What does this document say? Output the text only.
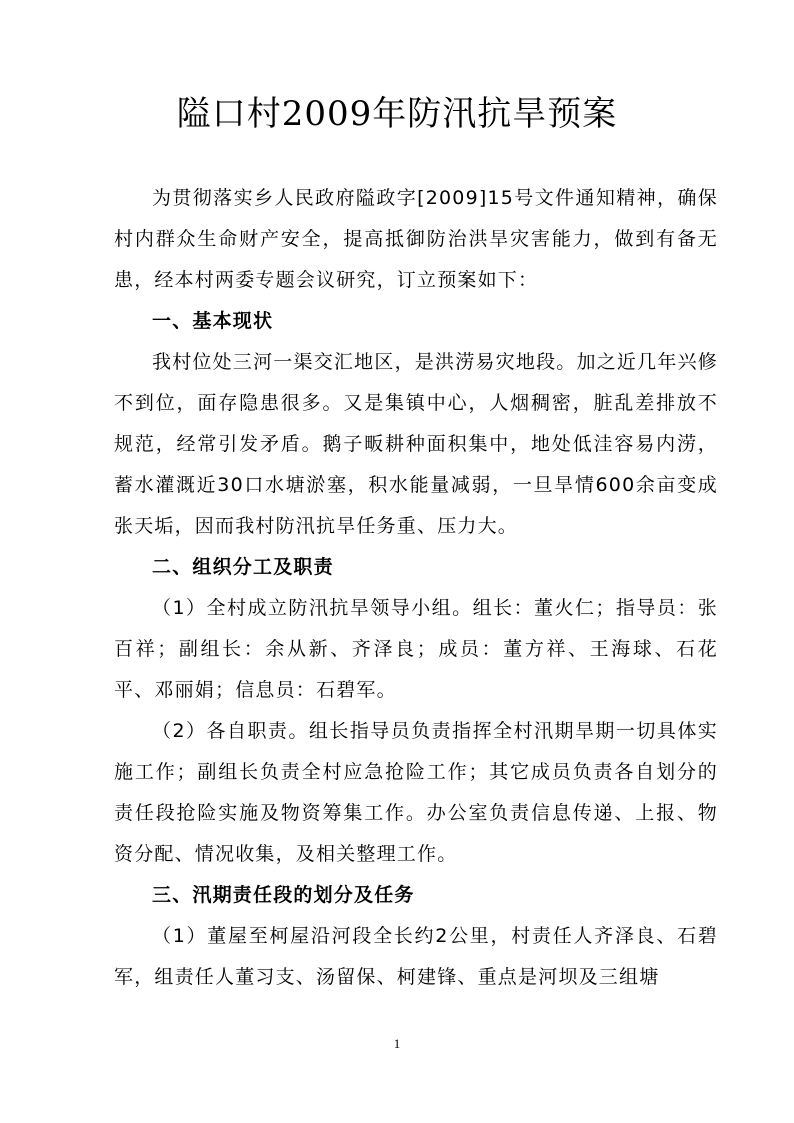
隘口村2009年防汛抗旱预案

为贯彻落实乡人民政府隘政字[2009]15号文件通知精神，确保村内群众生命财产安全，提高抵御防治洪旱灾害能力，做到有备无患，经本村两委专题会议研究，订立预案如下：

一、基本现状

我村位处三河一渠交汇地区，是洪涝易灾地段。加之近几年兴修不到位，面存隐患很多。又是集镇中心，人烟稠密，脏乱差排放不规范，经常引发矛盾。鹅子畈耕种面积集中，地处低洼容易内涝，蓄水灌溉近30口水塘淤塞，积水能量减弱，一旦旱情600余亩变成张天垢，因而我村防汛抗旱任务重、压力大。

二、组织分工及职责

（1）全村成立防汛抗旱领导小组。组长：董火仁；指导员：张百祥；副组长：余从新、齐泽良；成员：董方祥、王海球、石花平、邓丽娟；信息员：石碧军。

（2）各自职责。组长指导员负责指挥全村汛期旱期一切具体实施工作；副组长负责全村应急抢险工作；其它成员负责各自划分的责任段抢险实施及物资筹集工作。办公室负责信息传递、上报、物资分配、情况收集，及相关整理工作。

三、汛期责任段的划分及任务

（1）董屋至柯屋沿河段全长约2公里，村责任人齐泽良、石碧军，组责任人董习支、汤留保、柯建锋、重点是河坝及三组塘

1
